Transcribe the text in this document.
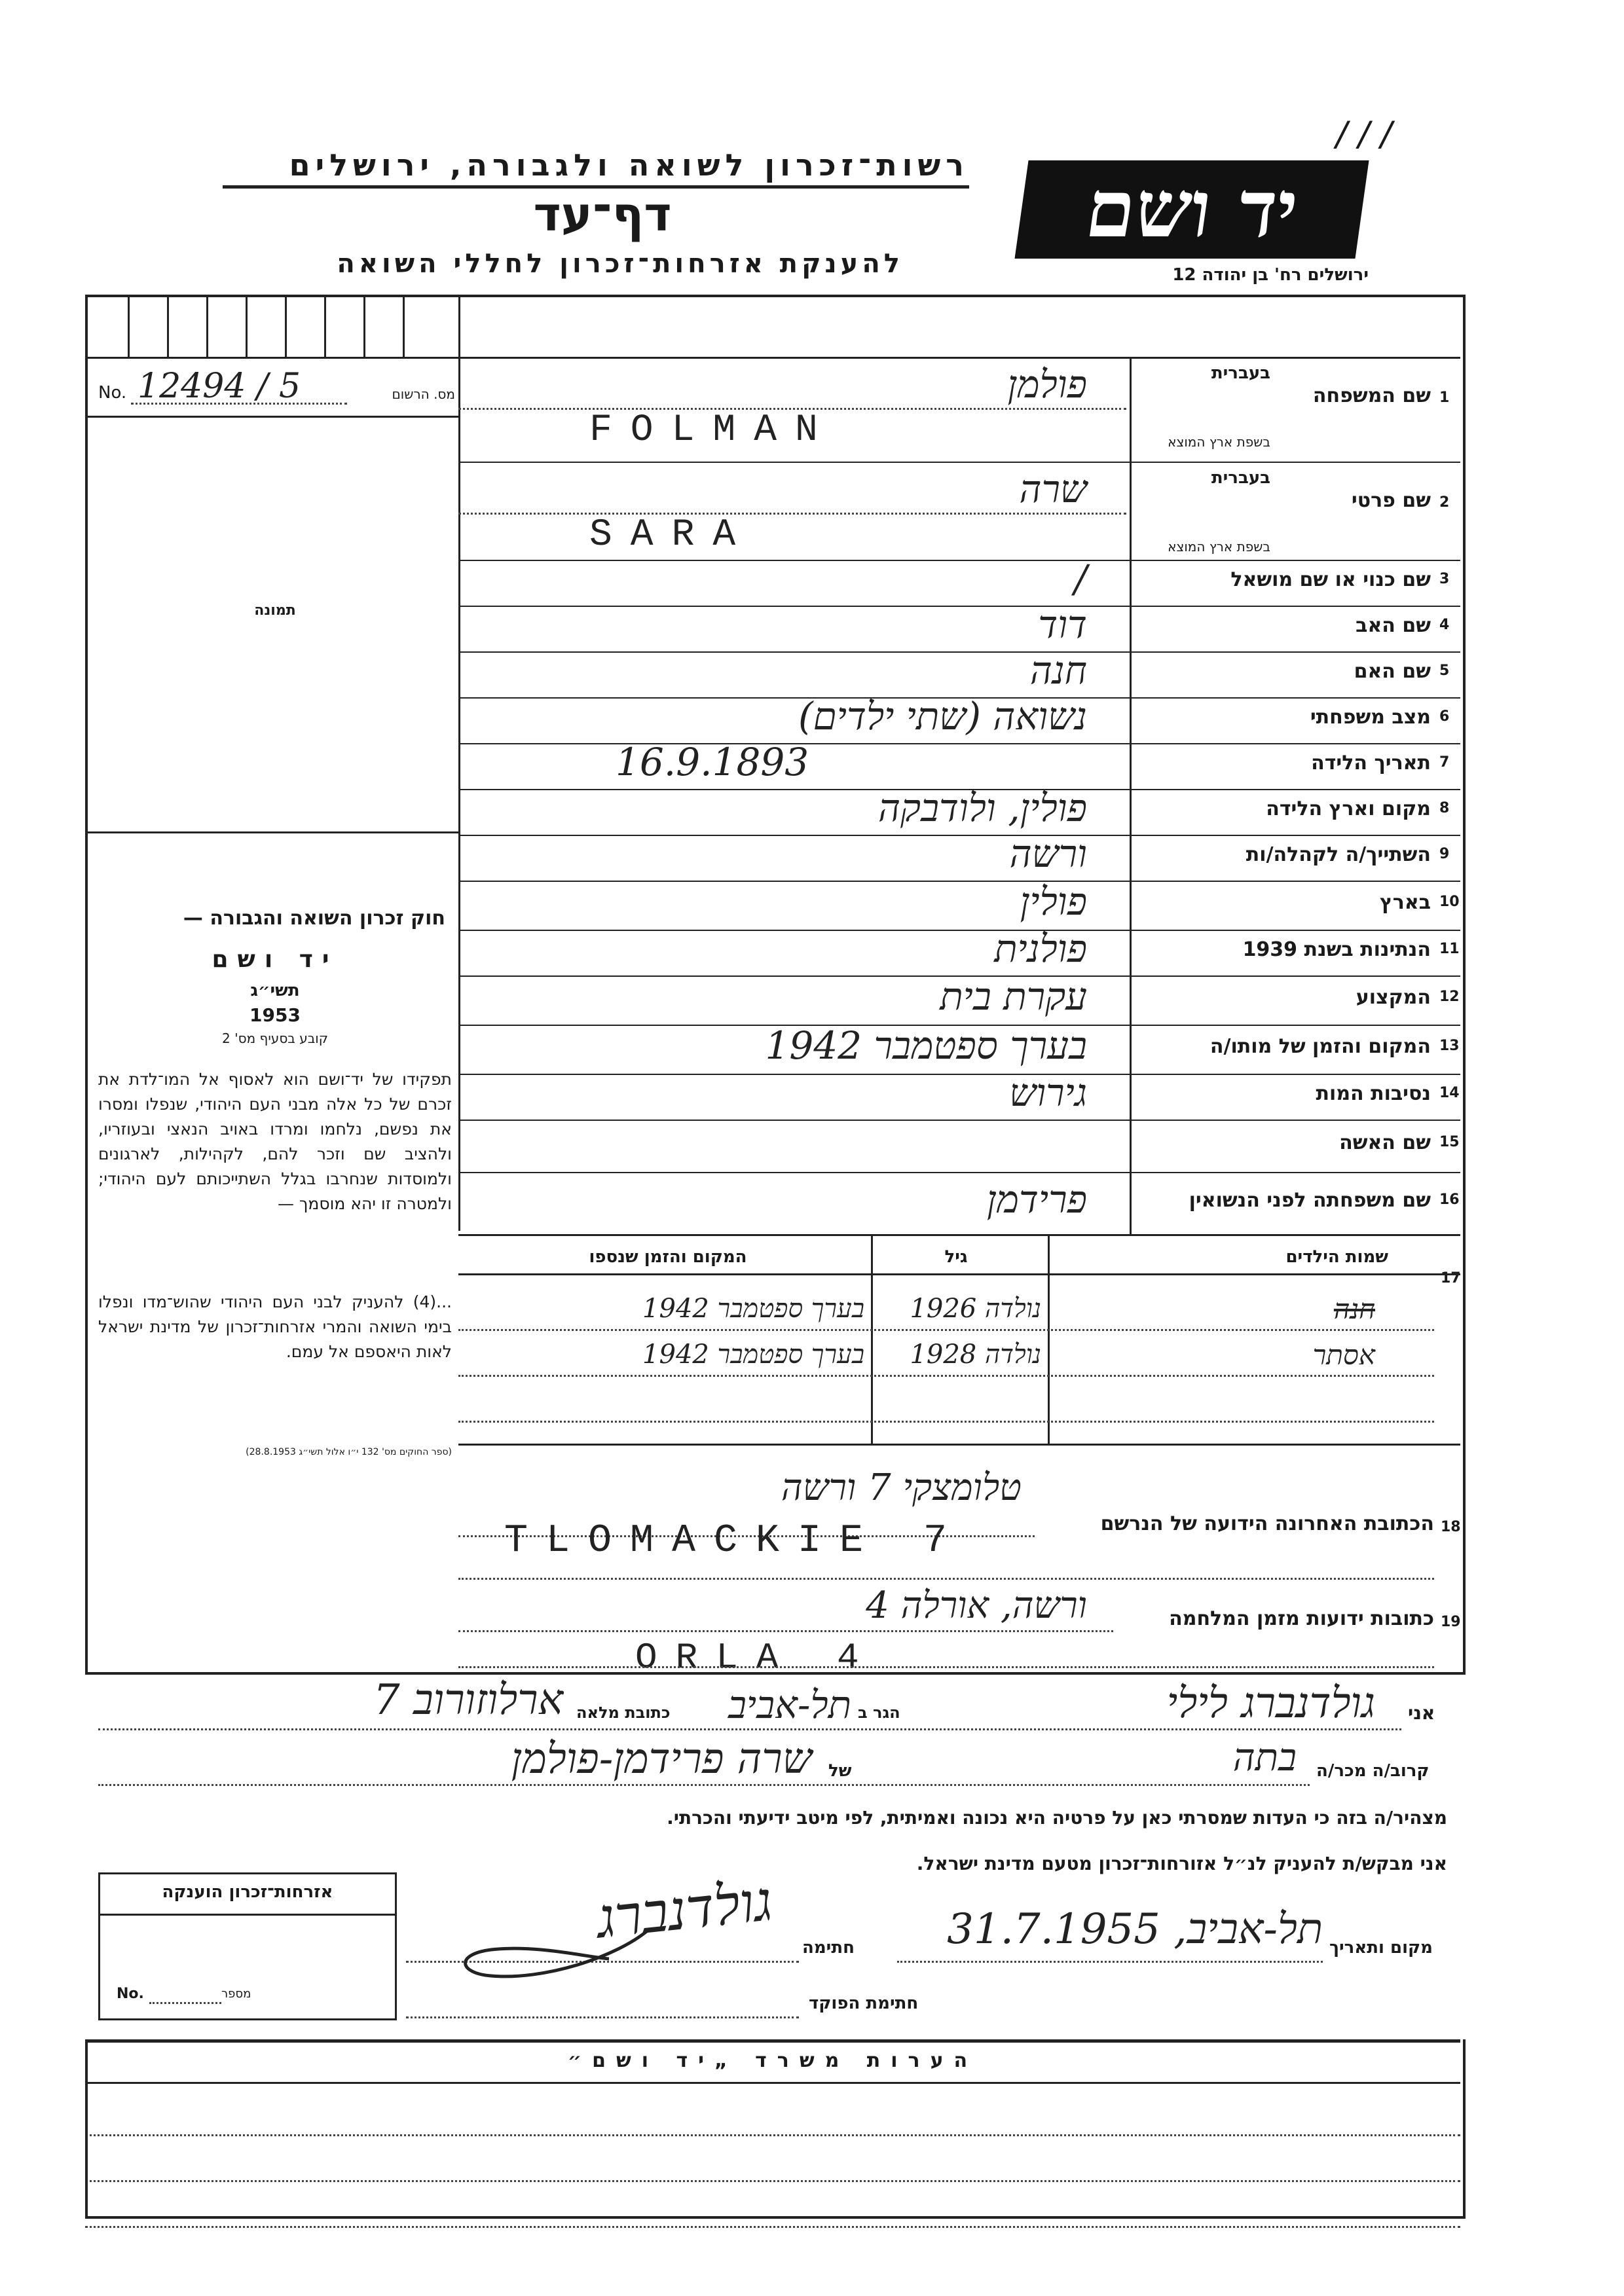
/ / /
רשות־זכרון לשואה ולגבורה, ירושלים
דף־עד
להענקת אזרחות־זכרון לחללי השואה
יד ושם
ירושלים רח' בן יהודה 12
No. 12494 / 5	מס. הרשום
תמונה
חוק זכרון השואה והגבורה —
יד ושם
תשי״ג
1953
קובע בסעיף מס' 2
תפקידו של יד־ושם הוא לאסוף אל המו־לדת את זכרם של כל אלה מבני העם היהודי, שנפלו ומסרו את נפשם, נלחמו ומרדו באויב הנאצי ובעוזריו, ולהציב שם וזכר להם, לקהילות, לארגונים ולמוסדות שנחרבו בגלל השתייכותם לעם היהודי; ולמטרה זו יהא מוסמך —
...(4) להעניק לבני העם היהודי שהוש־מדו ונפלו בימי השואה והמרי אזרחות־זכרון של מדינת ישראל לאות היאספם אל עמם.
(ספר החוקים מס' 132 י״ו אלול תשי״ג 28.8.1953)
1
שם המשפחה
בעברית
בשפת ארץ המוצא
פולמן
FOLMAN
2
שם פרטי
בעברית
בשפת ארץ המוצא
שרה
SARA
3
שם כנוי או שם מושאל
/
4
שם האב
דוד
5
שם האם
חנה
6
מצב משפחתי
נשואה (שתי ילדים)
7
תאריך הלידה
16.9.1893
8
מקום וארץ הלידה
פולין, ולודבקה
9
השתייך/ה לקהלה/ות
ורשה
10
בארץ
פולין
11
הנתינות בשנת 1939
פולנית
12
המקצוע
עקרת בית
13
המקום והזמן של מותו/ה
בערך ספטמבר 1942
14
נסיבות המות
גירוש
15
שם האשה
16
שם משפחתה לפני הנשואין
פרידמן
17
שמות הילדים
גיל
המקום והזמן שנספו
חנה
נולדה 1926
בערך ספטמבר 1942
אסתר
נולדה 1928
בערך ספטמבר 1942
18
הכתובת האחרונה הידועה של הנרשם
טלומצקי 7 ורשה
TLOMACKIE 7
19
כתובות ידועות מזמן המלחמה
ורשה, אורלה 4
ORLA 4
אני
גולדנברג לילי
הגר ב
תל-אביב
כתובת מלאה
ארלוזורוב 7
קרוב/ה מכר/ה
בתה
של
שרה פרידמן-פולמן
מצהיר/ה בזה כי העדות שמסרתי כאן על פרטיה היא נכונה ואמיתית, לפי מיטב ידיעתי והכרתי.
אני מבקש/ת להעניק לנ״ל אזורחות־זכרון מטעם מדינת ישראל.
אזרחות־זכרון הוענקה
No.	מספר
מקום ותאריך
תל-אביב, 31.7.1955
חתימה
גולדנברג
חתימת הפוקד
הערות משרד „יד ושם״
